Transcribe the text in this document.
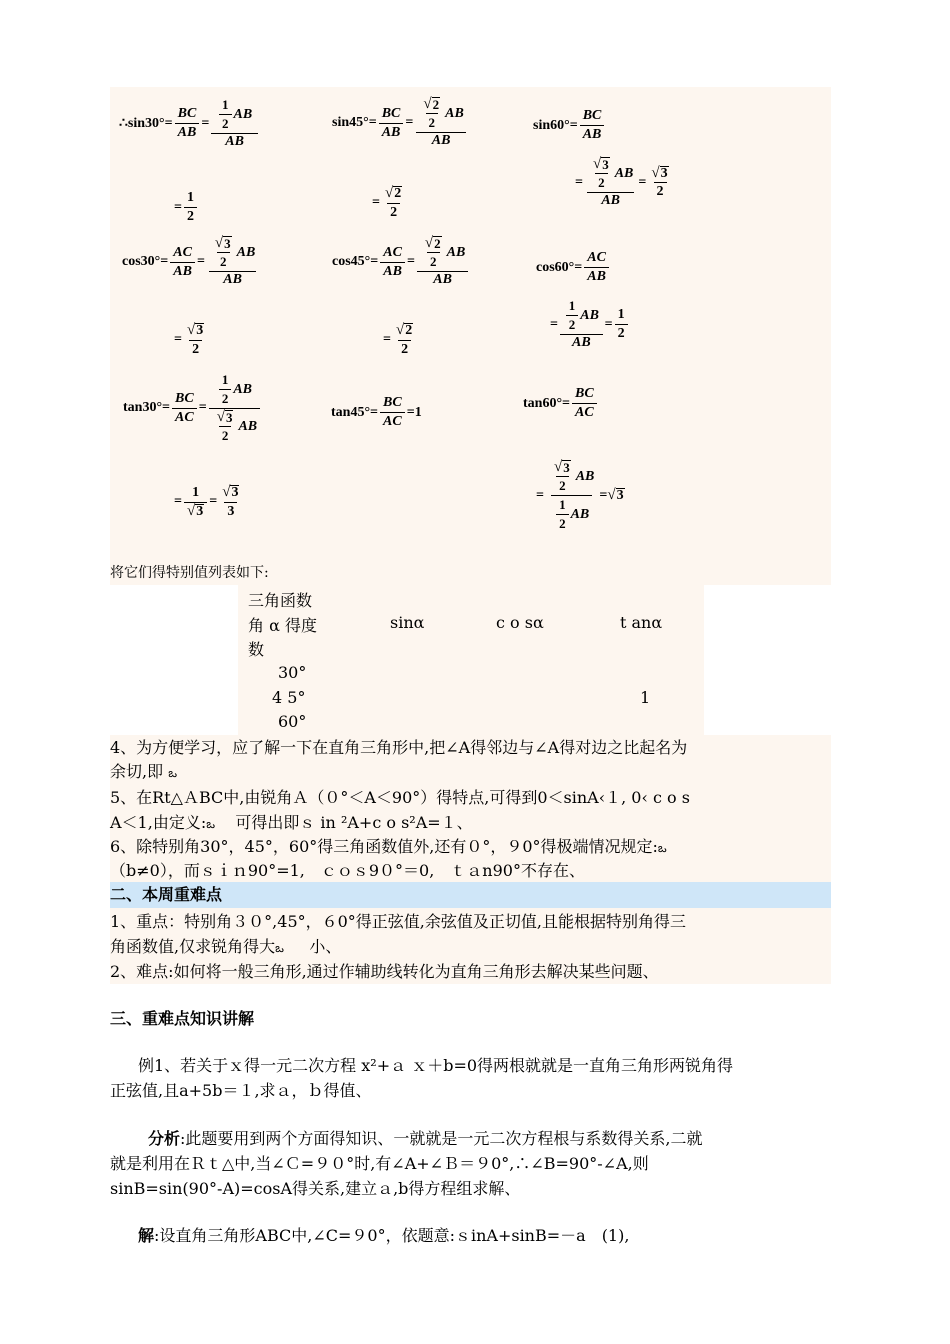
∴sin30° = $\frac{BC}{AB} = \frac{\frac{1}{2} AB}{AB}$
= $\frac{1}{2}$
$\sin 45^\circ = \frac{BC}{AB} = \frac{\frac{√ 2}{2} AB}{AB}$
= $\frac{√ 2}{2}$
$\sin 60^\circ = \frac{BC}{AB}$
= $\frac{\frac{√ 3}{2} AB}{AB} = \frac{√ 3}{2}$
$\cos 30^\circ = \frac{AC}{AB} = \frac{\frac{√ 3}{2} AB}{AB}$
= $\frac{√ 3}{2}$
$\cos 45^\circ = \frac{AC}{AB} = \frac{\frac{√ 2}{2} AB}{AB}$
= $\frac{√ 2}{2}$
$\cos 60^\circ = \frac{AC}{AB}$
= $\frac{\frac{1}{2} AB}{AB} = \frac{1}{2}$
$\tan 30^\circ = \frac{BC}{AC} = \frac{\frac{1}{2} AB}{\frac{√ 3}{2} AB}$
= $\frac{1}{√ 3} = \frac{√ 3}{3}$
$\tan 45^\circ = \frac{BC}{AC} = 1$
$\tan 60^\circ = \frac{BC}{AC}$
= $\frac{\frac{√ 3}{2} AB}{\frac{1}{2} AB}$ = √ 3
将它们得特别值列表如下:
三角函数
角 α 得度
数
sinα	c o sα	t anα
30°
4 5°
60°
1
4、为方便学习，应了解一下在直角三角形中,把∠A得邻边与∠A得对边之比起名为
余切,即 ఒ
5、在Rt△ＡBC中,由锐角Ａ（０°＜A＜90°）得特点,可得到0＜sinA‹１, 0‹ c o s
A＜1,由定义:ఒ 可得出即ｓ in ²A+c o s²A=１、
6、除特别角30°，45°，60°得三角函数值外,还有０°，９0°得极端情况规定:ఒ
（b≠0），而ｓｉｎ90°=1,　ｃｏｓ9０°＝0,　ｔａn90°不存在、
二、本周重难点
1、重点：特别角３０°,45°，６0°得正弦值,余弦值及正切值,且能根据特别角得三
角函数值,仅求锐角得大ఒ 小、
2、难点:如何将一般三角形,通过作辅助线转化为直角三角形去解决某些问题、
三、重难点知识讲解
例1、若关于ｘ得一元二次方程 x²+ａ ｘ＋b=0得两根就就是一直角三角形两锐角得
正弦值,且a+5b＝１,求ａ，ｂ得值、
分析:此题要用到两个方面得知识、一就就是一元二次方程根与系数得关系,二就
就是利用在Ｒｔ△中,当∠Ｃ=９０°时,有∠A+∠Ｂ＝９0°,∴∠B=90°-∠A,则
sinB=sin(90°-A)=cosA得关系,建立ａ,b得方程组求解、
解:设直角三角形ABC中,∠C=９0°，依题意:ｓinA+sinB=－a　(1),
